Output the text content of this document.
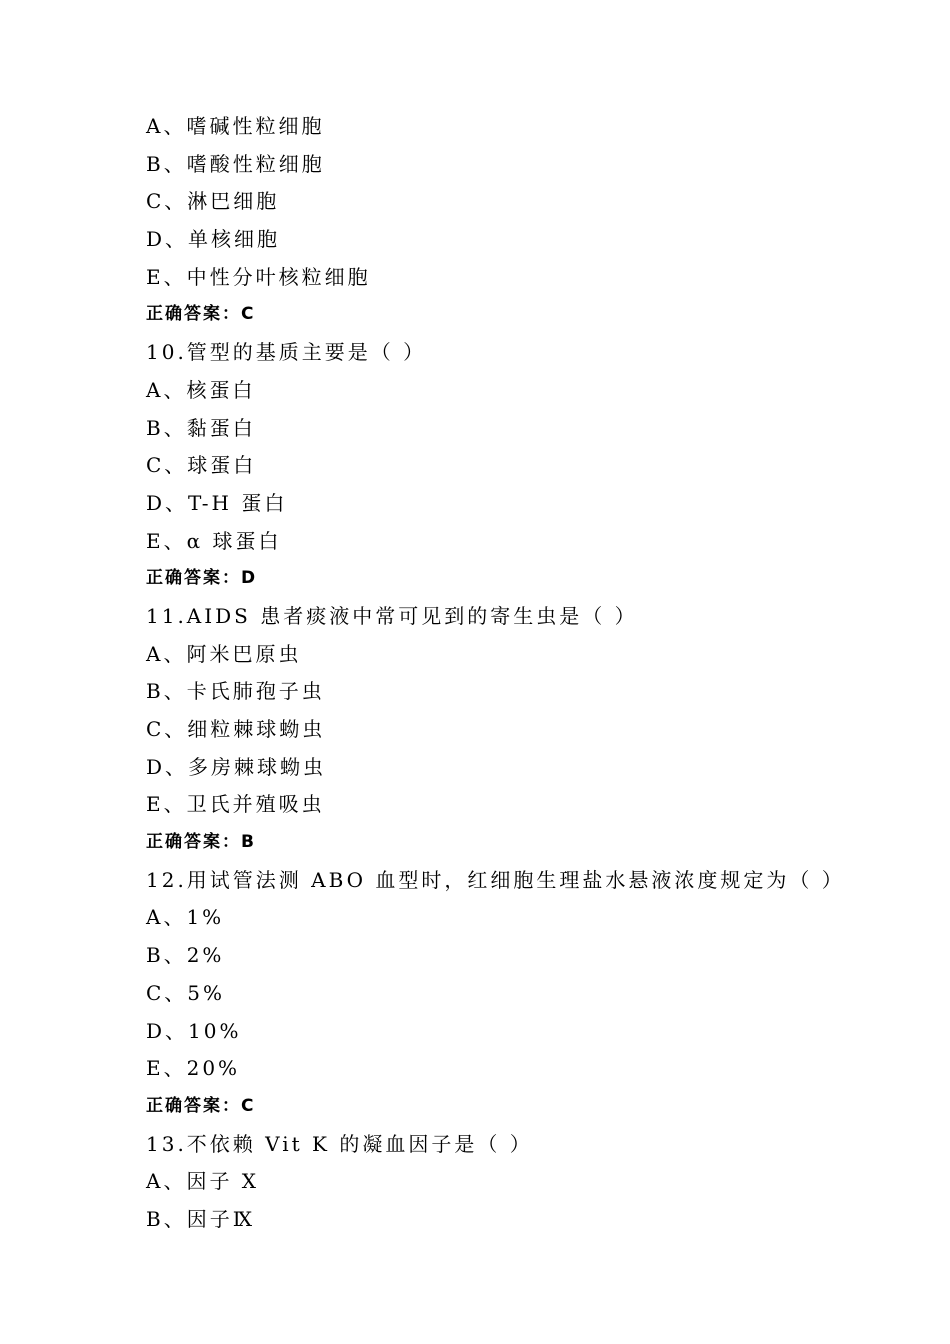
A、嗜碱性粒细胞
B、嗜酸性粒细胞
C、淋巴细胞
D、单核细胞
E、中性分叶核粒细胞
正确答案：C
10.管型的基质主要是（ ）
A、核蛋白
B、黏蛋白
C、球蛋白
D、T-H 蛋白
E、α 球蛋白
正确答案：D
11.AIDS 患者痰液中常可见到的寄生虫是（ ）
A、阿米巴原虫
B、卡氏肺孢子虫
C、细粒棘球蚴虫
D、多房棘球蚴虫
E、卫氏并殖吸虫
正确答案：B
12.用试管法测 ABO 血型时，红细胞生理盐水悬液浓度规定为（ ）
A、1%
B、2%
C、5%
D、10%
E、20%
正确答案：C
13.不依赖 Vit K 的凝血因子是（ ）
A、因子 X
B、因子Ⅸ
